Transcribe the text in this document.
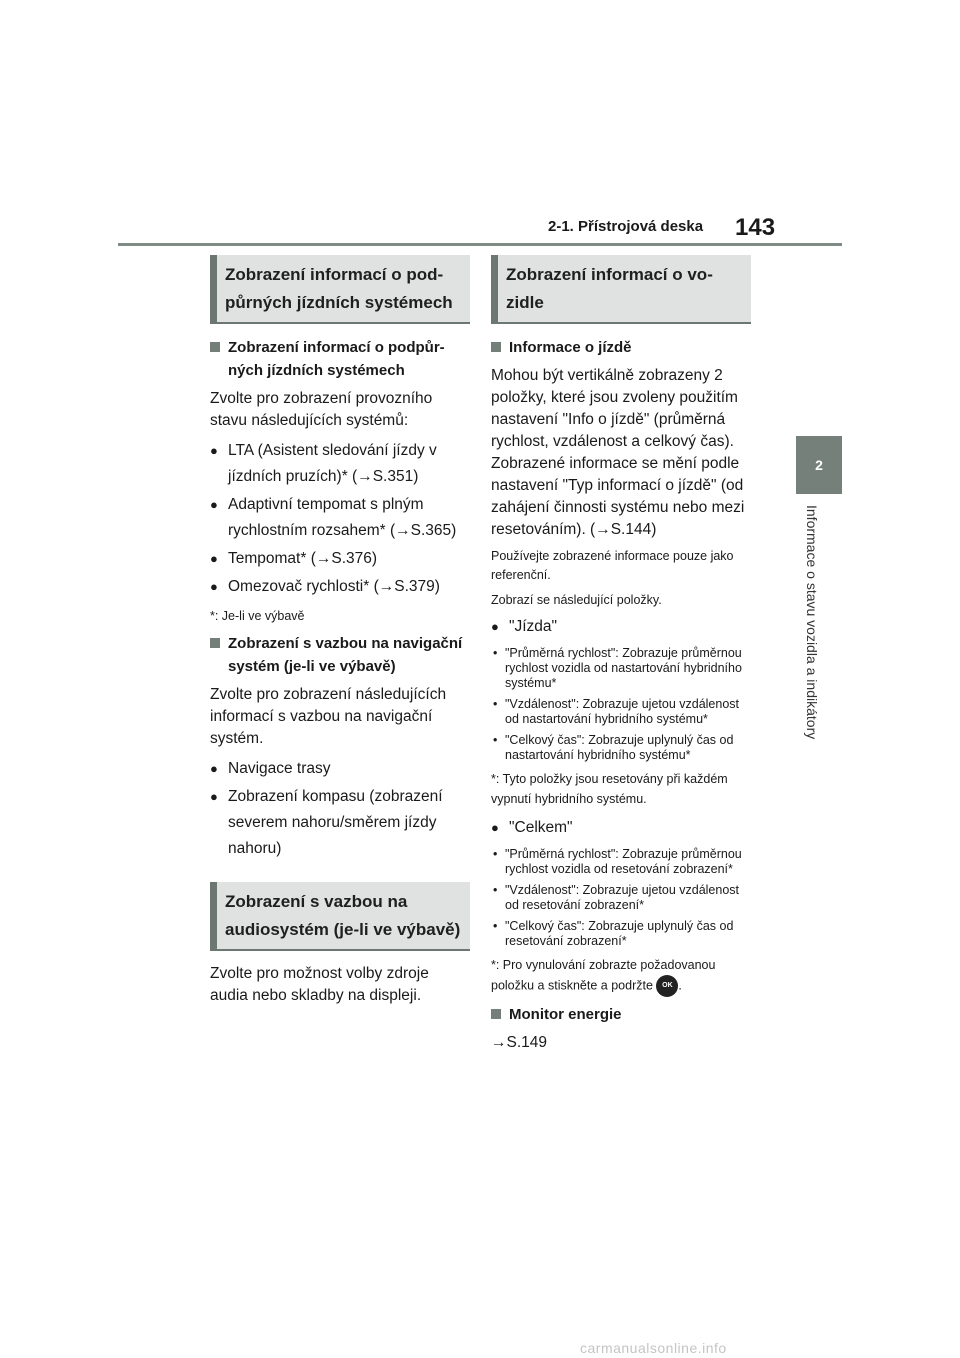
2-1. Přístrojová deska 143
2
Informace o stavu vozidla a indikátory
Zobrazení informací o podpůrných jízdních systémech
Zobrazení informací o podpůrných jízdních systémech

Zvolte pro zobrazení provozního stavu následujících systémů:

● LTA (Asistent sledování jízdy v jízdních pruzích)* (→S.351)
● Adaptivní tempomat s plným rychlostním rozsahem* (→S.365)
● Tempomat* (→S.376)
● Omezovač rychlosti* (→S.379)
*: Je-li ve výbavě
Zobrazení s vazbou na navigační systém (je-li ve výbavě)

Zvolte pro zobrazení následujících informací s vazbou na navigační systém.

● Navigace trasy
● Zobrazení kompasu (zobrazení severem nahoru/směrem jízdy nahoru)
Zobrazení s vazbou na audiosystém (je-li ve výbavě)

Zvolte pro možnost volby zdroje audia nebo skladby na displeji.

Zobrazení informací o vozidle
Informace o jízdě

Mohou být vertikálně zobrazeny 2 položky, které jsou zvoleny použitím nastavení "Info o jízdě" (průměrná rychlost, vzdálenost a celkový čas). Zobrazené informace se mění podle nastavení "Typ informací o jízdě" (od zahájení činnosti systému nebo mezi resetováním). (→S.144)

Používejte zobrazené informace pouze jako referenční.

Zobrazí se následující položky.

● "Jízda"
• "Průměrná rychlost": Zobrazuje průměrnou rychlost vozidla od nastartování hybridního systému*
• "Vzdálenost": Zobrazuje ujetou vzdálenost od nastartování hybridního systému*
• "Celkový čas": Zobrazuje uplynulý čas od nastartování hybridního systému*
*: Tyto položky jsou resetovány při každém vypnutí hybridního systému.
● "Celkem"
• "Průměrná rychlost": Zobrazuje průměrnou rychlost vozidla od resetování zobrazení*
• "Vzdálenost": Zobrazuje ujetou vzdálenost od resetování zobrazení*
• "Celkový čas": Zobrazuje uplynulý čas od resetování zobrazení*
*: Pro vynulování zobrazte požadovanou položku a stiskněte a podržte OK .
Monitor energie

→S.149

carmanualsonline.info
